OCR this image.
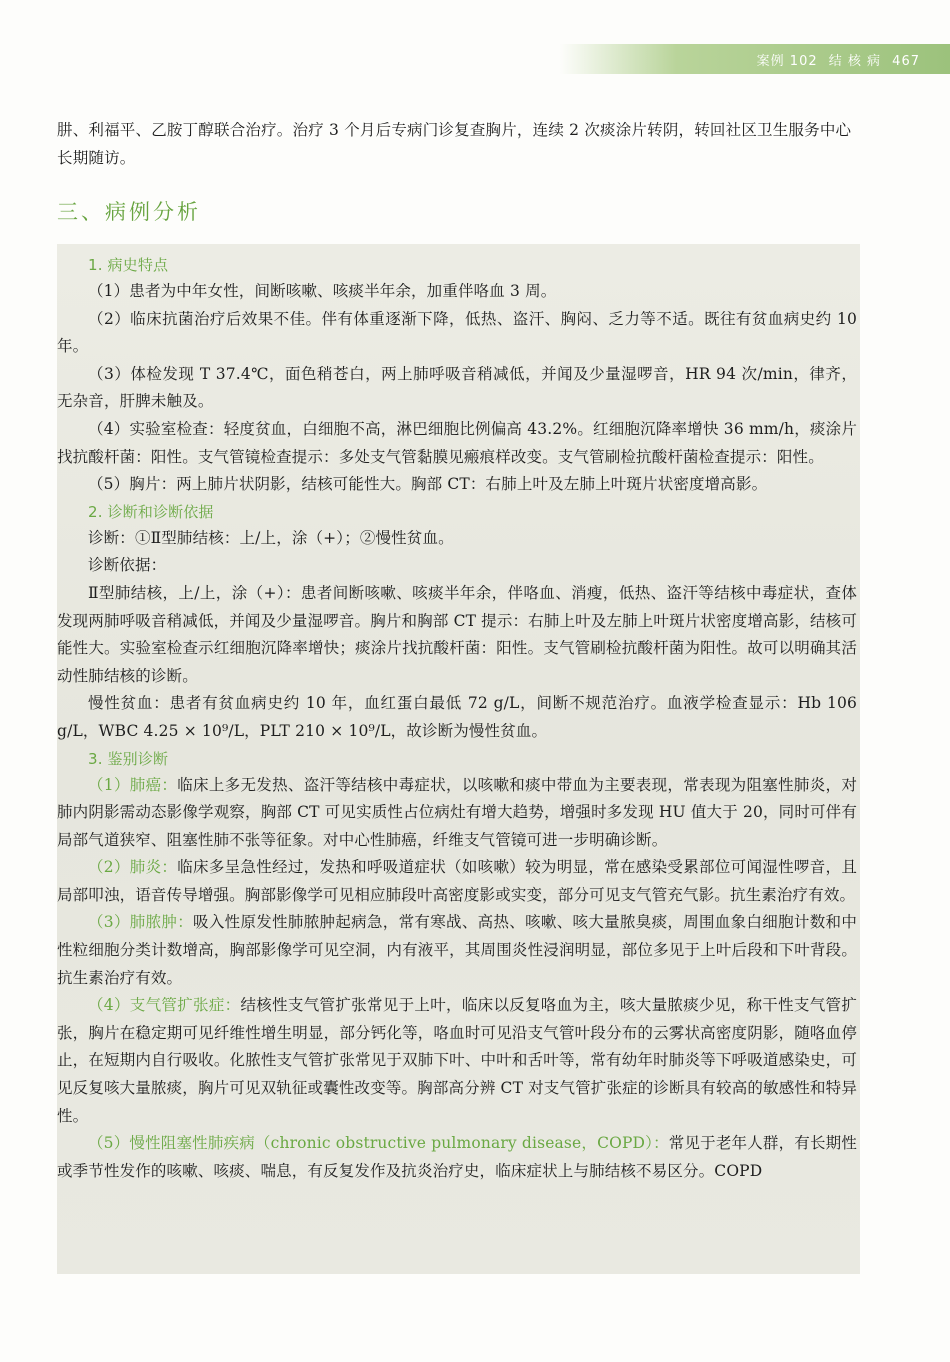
案例 102 结 核 病 467
肼、利福平、乙胺丁醇联合治疗。治疗 3 个月后专病门诊复查胸片，连续 2 次痰涂片转阴，转回社区卫生服务中心长期随访。
三、病例分析
1. 病史特点

（1）患者为中年女性，间断咳嗽、咳痰半年余，加重伴咯血 3 周。

（2）临床抗菌治疗后效果不佳。伴有体重逐渐下降，低热、盗汗、胸闷、乏力等不适。既往有贫血病史约 10 年。

（3）体检发现 T 37.4℃，面色稍苍白，两上肺呼吸音稍减低，并闻及少量湿啰音，HR 94 次/min，律齐，无杂音，肝脾未触及。

（4）实验室检查：轻度贫血，白细胞不高，淋巴细胞比例偏高 43.2%。红细胞沉降率增快 36 mm/h，痰涂片找抗酸杆菌：阳性。支气管镜检查提示：多处支气管黏膜见瘢痕样改变。支气管刷检抗酸杆菌检查提示：阳性。

（5）胸片：两上肺片状阴影，结核可能性大。胸部 CT：右肺上叶及左肺上叶斑片状密度增高影。

2. 诊断和诊断依据

诊断：①Ⅱ型肺结核：上/上，涂（+）；②慢性贫血。

诊断依据：

Ⅱ型肺结核，上/上，涂（+）：患者间断咳嗽、咳痰半年余，伴咯血、消瘦，低热、盗汗等结核中毒症状，查体发现两肺呼吸音稍减低，并闻及少量湿啰音。胸片和胸部 CT 提示：右肺上叶及左肺上叶斑片状密度增高影，结核可能性大。实验室检查示红细胞沉降率增快；痰涂片找抗酸杆菌：阳性。支气管刷检抗酸杆菌为阳性。故可以明确其活动性肺结核的诊断。

慢性贫血：患者有贫血病史约 10 年，血红蛋白最低 72 g/L，间断不规范治疗。血液学检查显示：Hb 106 g/L，WBC 4.25 × 10⁹/L，PLT 210 × 10⁹/L，故诊断为慢性贫血。

3. 鉴别诊断

（1）肺癌：临床上多无发热、盗汗等结核中毒症状，以咳嗽和痰中带血为主要表现，常表现为阻塞性肺炎，对肺内阴影需动态影像学观察，胸部 CT 可见实质性占位病灶有增大趋势，增强时多发现 HU 值大于 20，同时可伴有局部气道狭窄、阻塞性肺不张等征象。对中心性肺癌，纤维支气管镜可进一步明确诊断。

（2）肺炎：临床多呈急性经过，发热和呼吸道症状（如咳嗽）较为明显，常在感染受累部位可闻湿性啰音，且局部叩浊，语音传导增强。胸部影像学可见相应肺段叶高密度影或实变，部分可见支气管充气影。抗生素治疗有效。

（3）肺脓肿：吸入性原发性肺脓肿起病急，常有寒战、高热、咳嗽、咳大量脓臭痰，周围血象白细胞计数和中性粒细胞分类计数增高，胸部影像学可见空洞，内有液平，其周围炎性浸润明显，部位多见于上叶后段和下叶背段。抗生素治疗有效。

（4）支气管扩张症：结核性支气管扩张常见于上叶，临床以反复咯血为主，咳大量脓痰少见，称干性支气管扩张，胸片在稳定期可见纤维性增生明显，部分钙化等，咯血时可见沿支气管叶段分布的云雾状高密度阴影，随咯血停止，在短期内自行吸收。化脓性支气管扩张常见于双肺下叶、中叶和舌叶等，常有幼年时肺炎等下呼吸道感染史，可见反复咳大量脓痰，胸片可见双轨征或囊性改变等。胸部高分辨 CT 对支气管扩张症的诊断具有较高的敏感性和特异性。

（5）慢性阻塞性肺疾病（chronic obstructive pulmonary disease，COPD）：常见于老年人群，有长期性或季节性发作的咳嗽、咳痰、喘息，有反复发作及抗炎治疗史，临床症状上与肺结核不易区分。COPD
